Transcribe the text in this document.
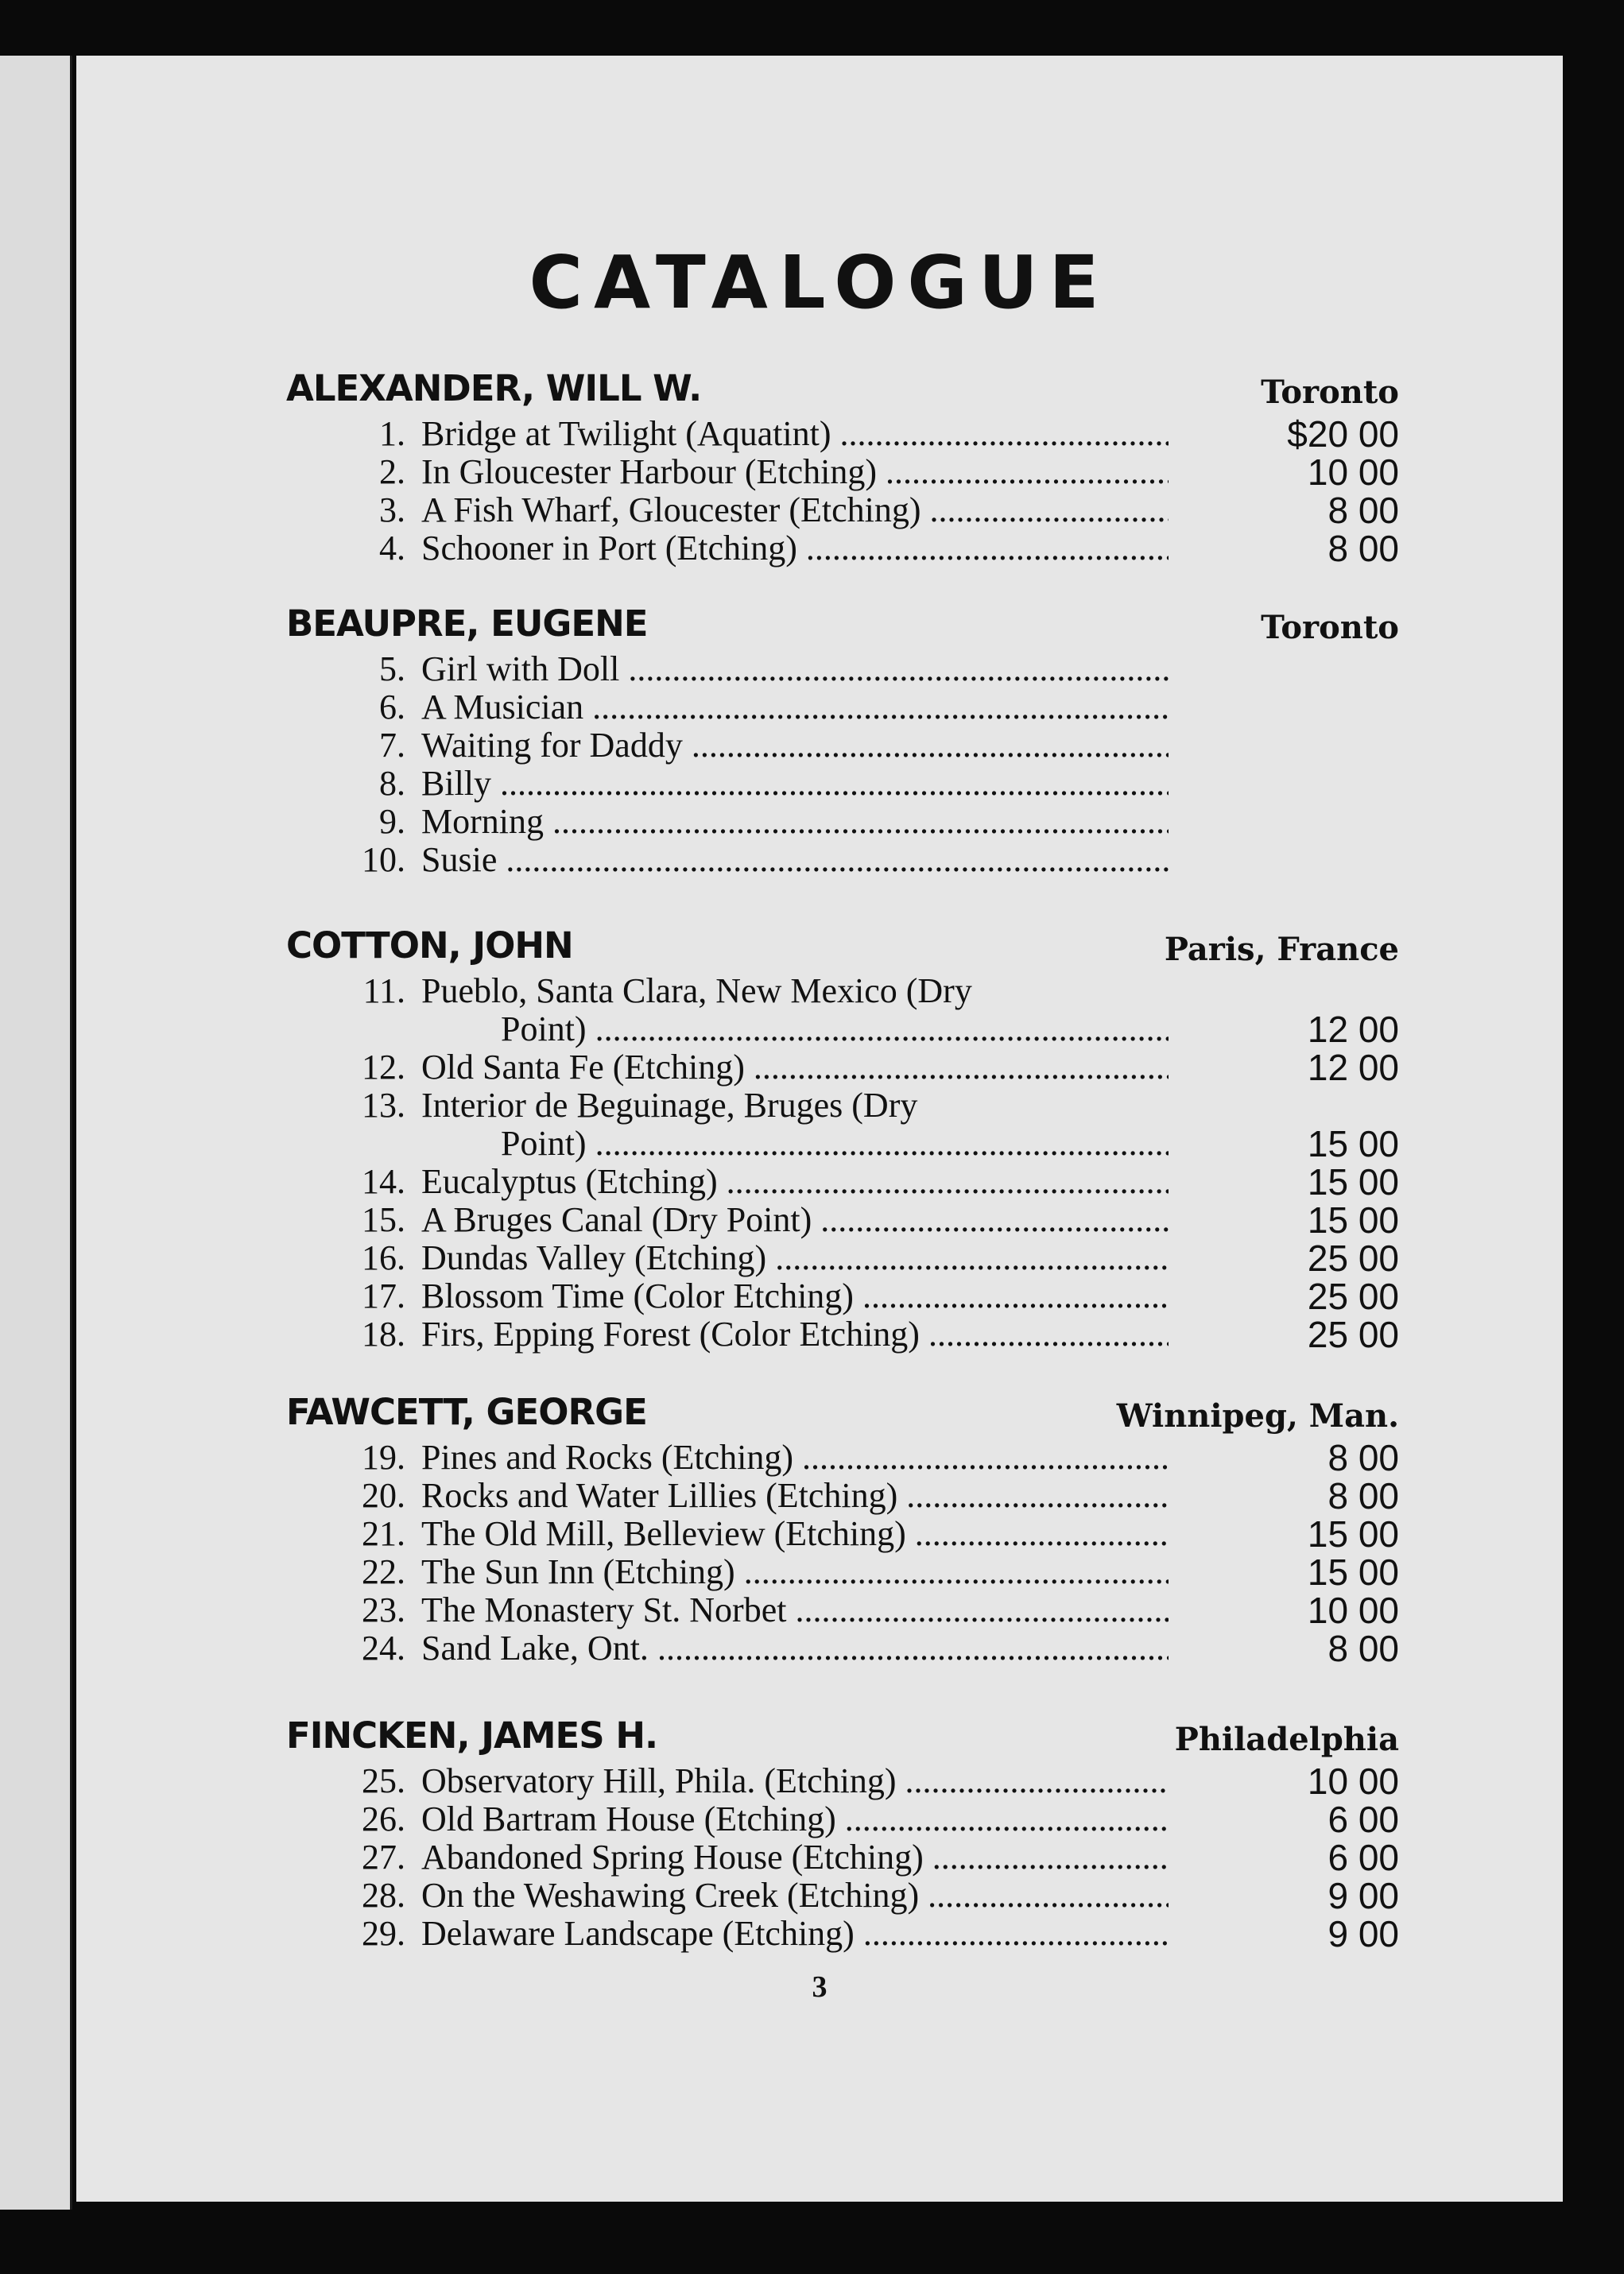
CATALOGUE
ALEXANDER, WILL W.	Toronto
1. Bridge at Twilight (Aquatint) .....	$20 00
2. In Gloucester Harbour (Etching) .....	10 00
3. A Fish Wharf, Gloucester (Etching) .....	8 00
4. Schooner in Port (Etching) .....	8 00
BEAUPRE, EUGENE	Toronto
5. Girl with Doll .....
6. A Musician .....
7. Waiting for Daddy .....
8. Billy .....
9. Morning .....
10. Susie .....
COTTON, JOHN	Paris, France
11. Pueblo, Santa Clara, New Mexico (Dry
Point) .....	12 00
12. Old Santa Fe (Etching) .....	12 00
13. Interior de Beguinage, Bruges (Dry
Point) .....	15 00
14. Eucalyptus (Etching) .....	15 00
15. A Bruges Canal (Dry Point) .....	15 00
16. Dundas Valley (Etching) .....	25 00
17. Blossom Time (Color Etching) .....	25 00
18. Firs, Epping Forest (Color Etching) .....	25 00
FAWCETT, GEORGE	Winnipeg, Man.
19. Pines and Rocks (Etching) .....	8 00
20. Rocks and Water Lillies (Etching) .....	8 00
21. The Old Mill, Belleview (Etching) .....	15 00
22. The Sun Inn (Etching) .....	15 00
23. The Monastery St. Norbet .....	10 00
24. Sand Lake, Ont. .....	8 00
FINCKEN, JAMES H.	Philadelphia
25. Observatory Hill, Phila. (Etching) .....	10 00
26. Old Bartram House (Etching) .....	6 00
27. Abandoned Spring House (Etching) .....	6 00
28. On the Weshawing Creek (Etching) .....	9 00
29. Delaware Landscape (Etching) .....	9 00
3
